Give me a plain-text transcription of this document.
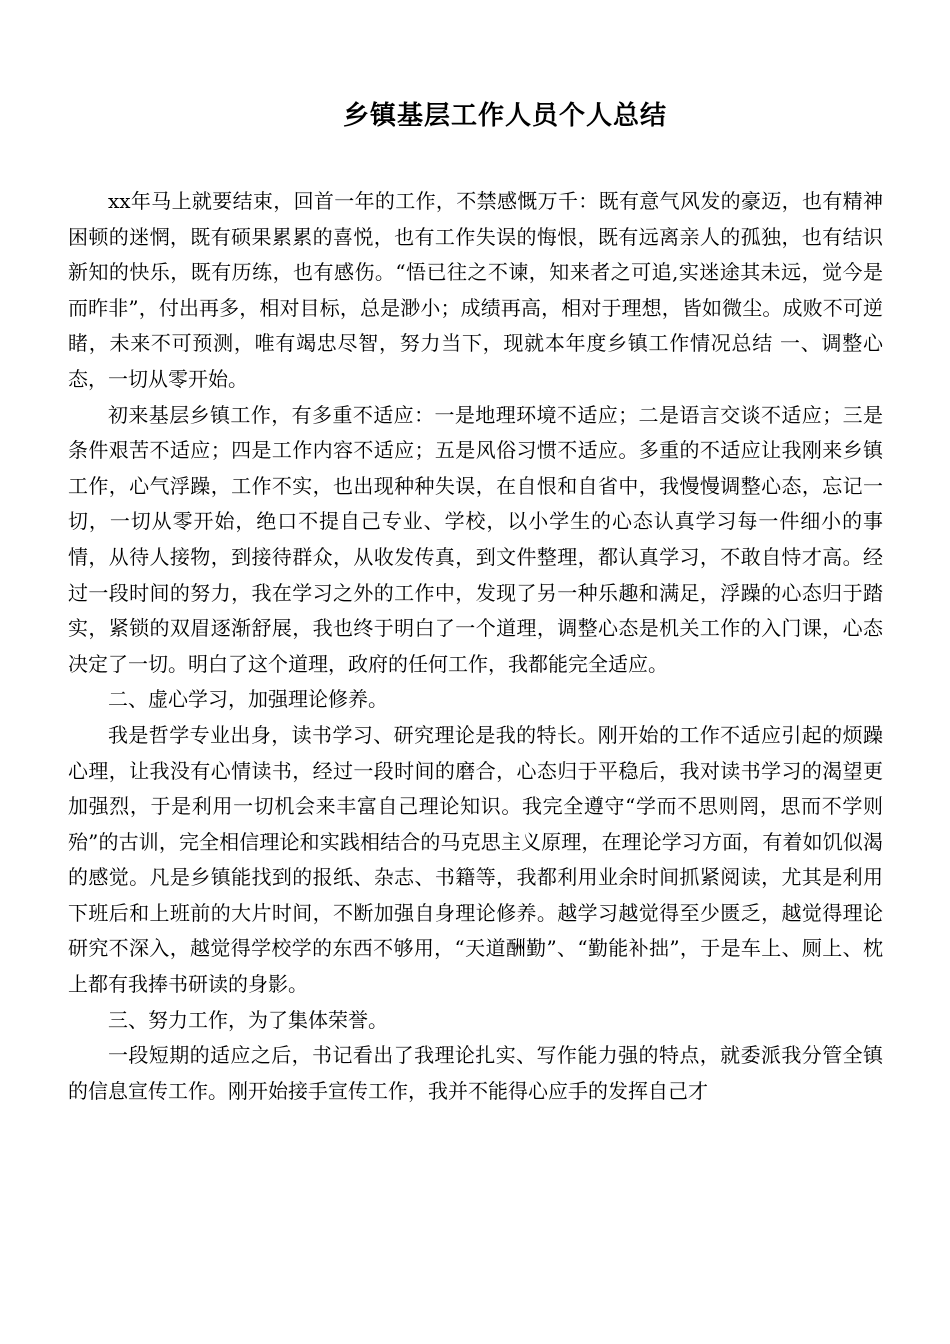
乡镇基层工作人员个人总结

xx年马上就要结束，回首一年的工作，不禁感慨万千：既有意气风发的豪迈，也有精神困顿的迷惘，既有硕果累累的喜悦，也有工作失误的悔恨，既有远离亲人的孤独，也有结识新知的快乐，既有历练，也有感伤。“悟已往之不谏，知来者之可追,实迷途其未远，觉今是而昨非”，付出再多，相对目标，总是渺小；成绩再高，相对于理想，皆如微尘。成败不可逆睹，未来不可预测，唯有竭忠尽智，努力当下，现就本年度乡镇工作情况总结 一、调整心态，一切从零开始。

初来基层乡镇工作，有多重不适应：一是地理环境不适应；二是语言交谈不适应；三是条件艰苦不适应；四是工作内容不适应；五是风俗习惯不适应。多重的不适应让我刚来乡镇工作，心气浮躁，工作不实，也出现种种失误，在自恨和自省中，我慢慢调整心态，忘记一切，一切从零开始，绝口不提自己专业、学校，以小学生的心态认真学习每一件细小的事情，从待人接物，到接待群众，从收发传真，到文件整理，都认真学习，不敢自恃才高。经过一段时间的努力，我在学习之外的工作中，发现了另一种乐趣和满足，浮躁的心态归于踏实，紧锁的双眉逐渐舒展，我也终于明白了一个道理，调整心态是机关工作的入门课，心态决定了一切。明白了这个道理，政府的任何工作，我都能完全适应。

二、虚心学习，加强理论修养。

我是哲学专业出身，读书学习、研究理论是我的特长。刚开始的工作不适应引起的烦躁心理，让我没有心情读书，经过一段时间的磨合，心态归于平稳后，我对读书学习的渴望更加强烈，于是利用一切机会来丰富自己理论知识。我完全遵守“学而不思则罔，思而不学则殆”的古训，完全相信理论和实践相结合的马克思主义原理，在理论学习方面，有着如饥似渴的感觉。凡是乡镇能找到的报纸、杂志、书籍等，我都利用业余时间抓紧阅读，尤其是利用下班后和上班前的大片时间，不断加强自身理论修养。越学习越觉得至少匮乏，越觉得理论研究不深入，越觉得学校学的东西不够用，“天道酬勤”、“勤能补拙”，于是车上、厕上、枕上都有我捧书研读的身影。

三、努力工作，为了集体荣誉。

一段短期的适应之后，书记看出了我理论扎实、写作能力强的特点，就委派我分管全镇的信息宣传工作。刚开始接手宣传工作，我并不能得心应手的发挥自己才
